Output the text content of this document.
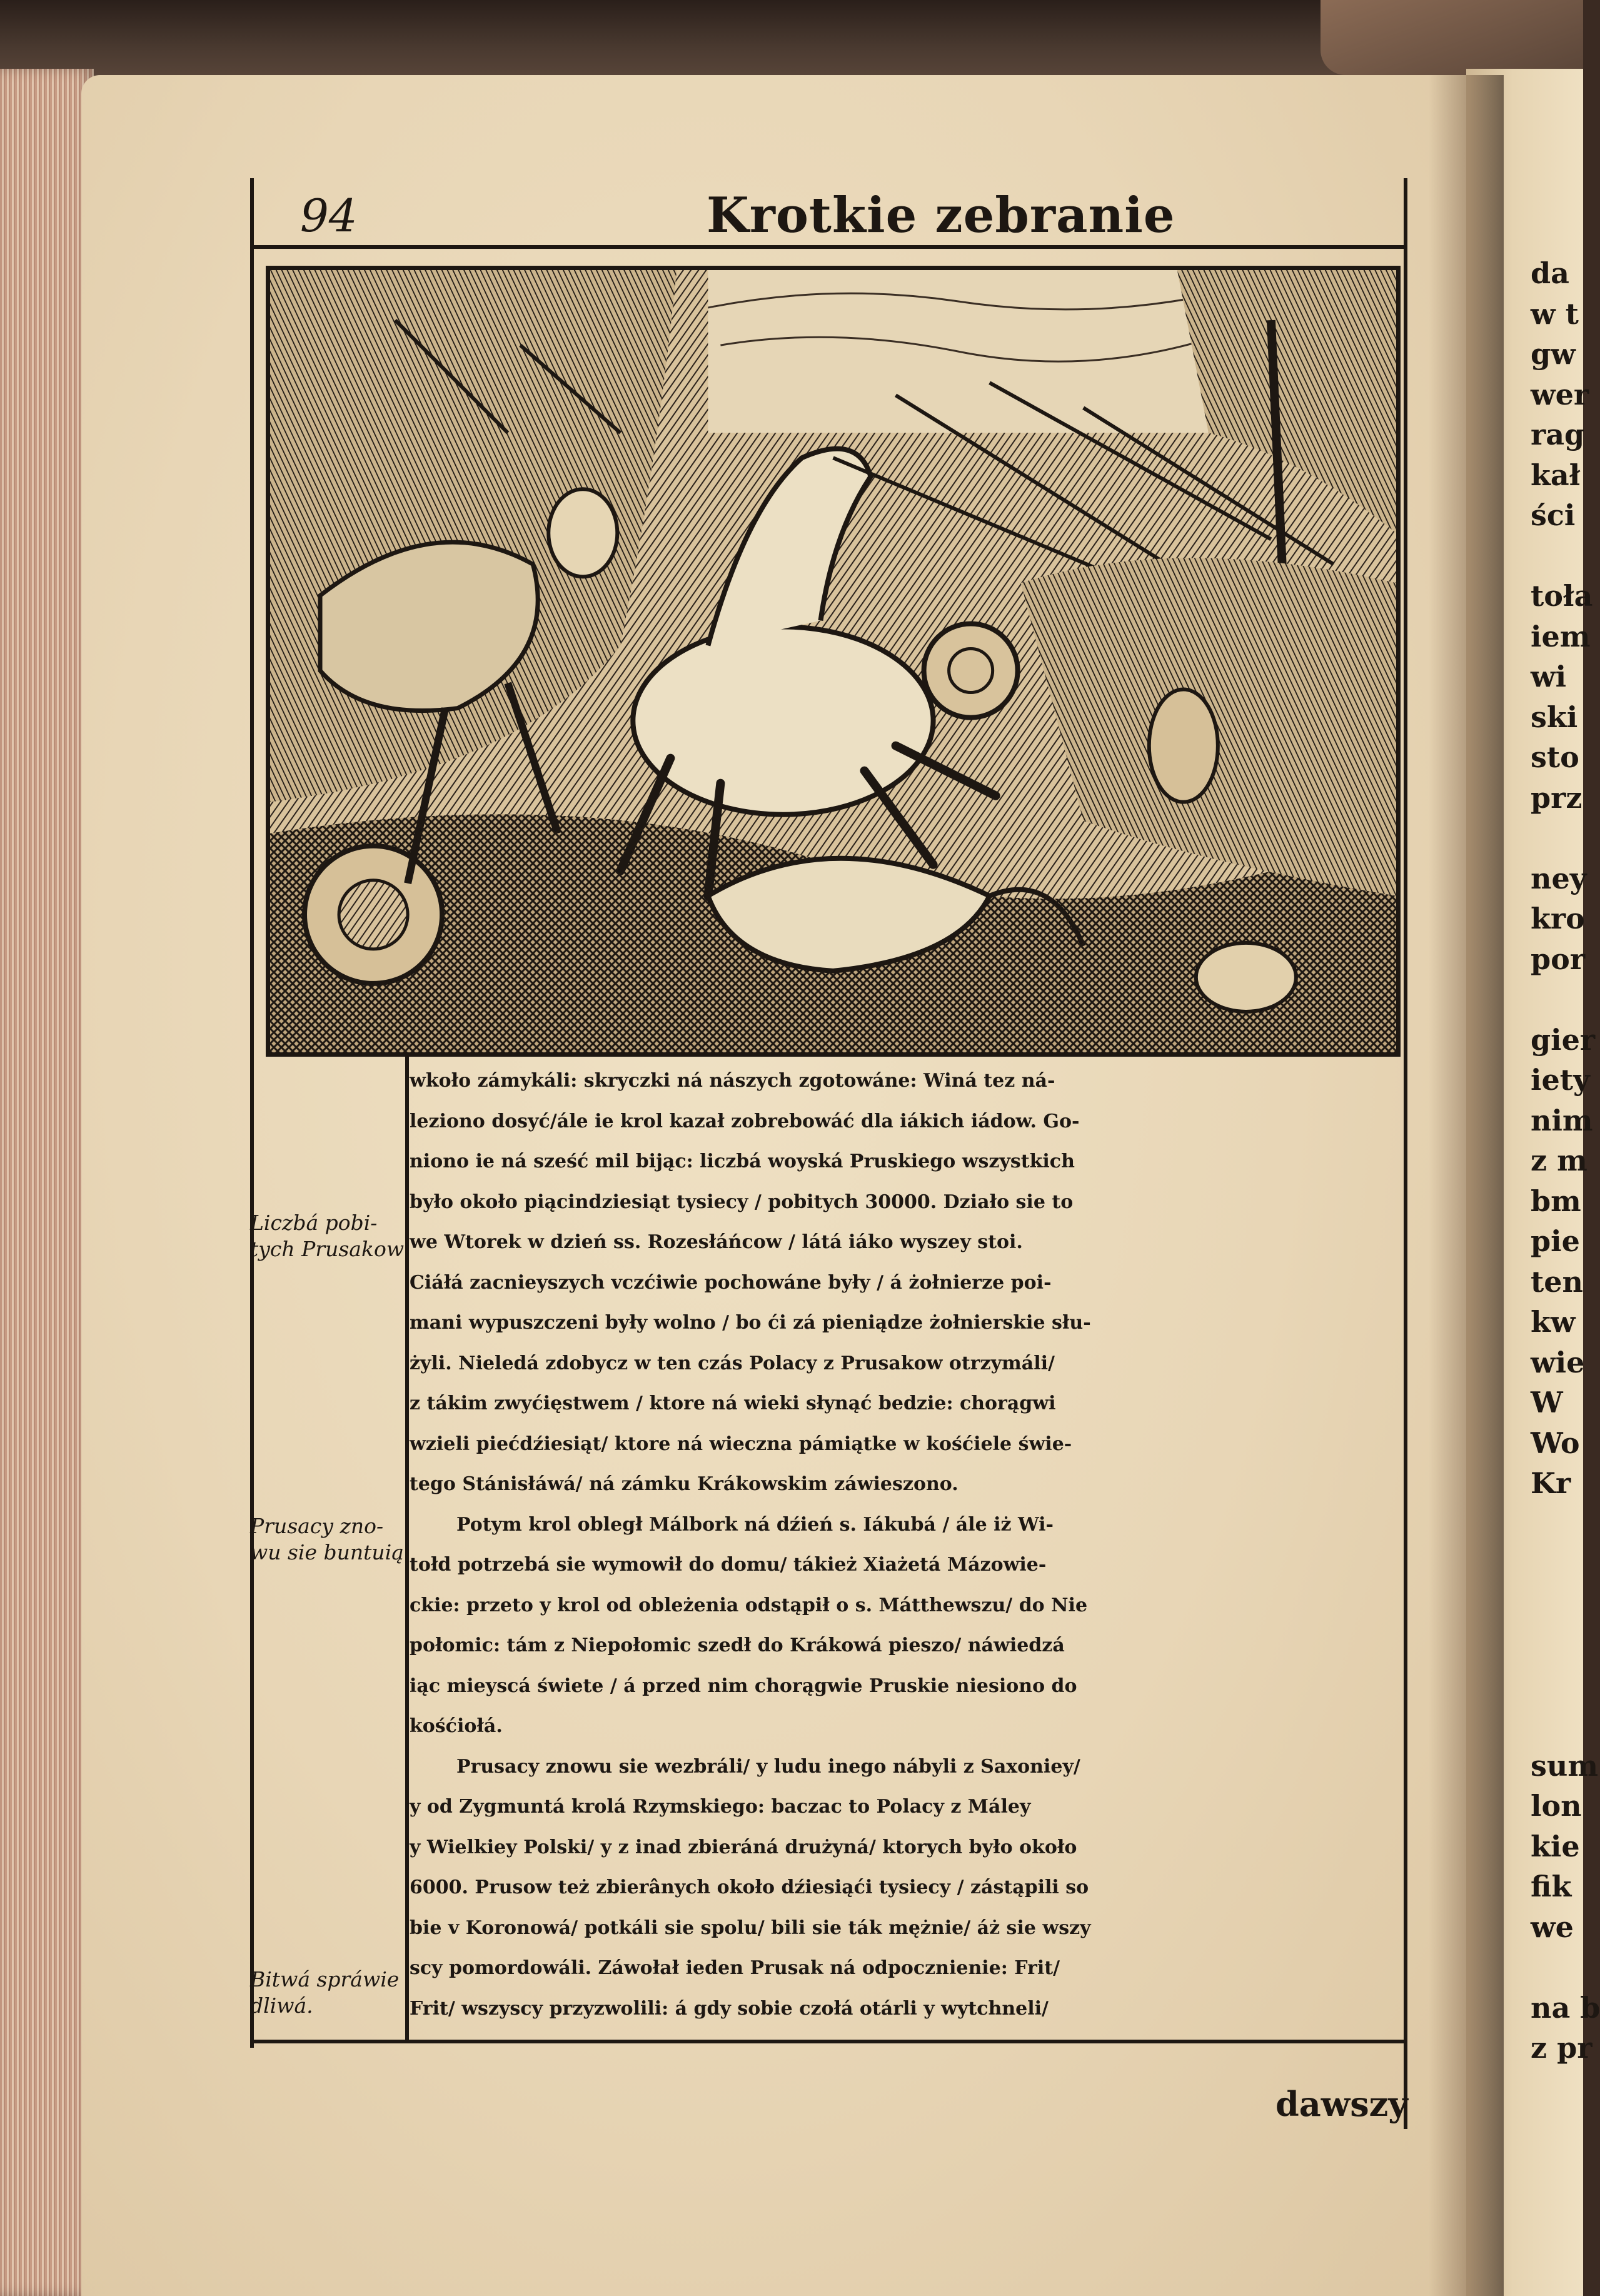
94	Krotkie zebranie
Liczbá pobi-
tych Prusakow
Prusacy zno-
wu sie buntuią
Bitwá spráwie
dliwá.
wkoło zámykáli: skryczki ná nászych zgotowáne: Winá tez ná-
leziono dosyć/ále ie krol kazał zobrebowáć dla iákich iádow. Go-
niono ie ná sześć mil bijąc: liczbá woyská Pruskiego wszystkich
było około piącindziesiąt tysiecy / pobitych 30000. Działo sie to
we Wtorek w dzień ss. Rozesłáńcow / látá iáko wyszey stoi.
Ciáłá zacnieyszych vczćiwie pochowáne były / á żołnierze poi-
mani wypuszczeni były wolno / bo ći zá pieniądze żołnierskie słu-
żyli. Nieledá zdobycz w ten czás Polacy z Prusakow otrzymáli/
z tákim zwyćięstwem / ktore ná wieki słynąć bedzie: chorągwi
wzieli piećdźiesiąt/ ktore ná wieczna pámiątke w kośćiele świe-
tego Stánisłáwá/ ná zámku Krákowskim záwieszono.
Potym krol obległ Málbork ná dźień s. Iákubá / ále iż Wi-
tołd potrzebá sie wymowił do domu/ tákież Xiażetá Mázowie-
ckie: przeto y krol od obleżenia odstąpił o s. Mátthewszu/ do Nie
połomic: tám z Niepołomic szedł do Krákowá pieszo/ náwiedzá
iąc mieyscá świete / á przed nim chorągwie Pruskie niesiono do
kośćiołá.
Prusacy znowu sie wezbráli/ y ludu inego nábyli z Saxoniey/
y od Zygmuntá krolá Rzymskiego: baczac to Polacy z Máley
y Wielkiey Polski/ y z inad zbieráná drużyná/ ktorych było około
6000. Prusow też zbierânych około dźiesiąći tysiecy / zástąpili so
bie v Koronowá/ potkáli sie spolu/ bili sie ták mężnie/ áż sie wszy
scy pomordowáli. Záwołał ieden Prusak ná odpocznienie: Frit/
Frit/ wszyscy przyzwolili: á gdy sobie czołá otárli y wytchneli/
dawszy
da
w t
gw
wer
rag
kał
ści
toła
iem
wi
ski
sto
prz
ney
kro
por
gier
iety
nim
z m
bm
pie
ten
kw
wie
W
Wo
Kr
sum
lon
kie
fik
we
na b
z pr
